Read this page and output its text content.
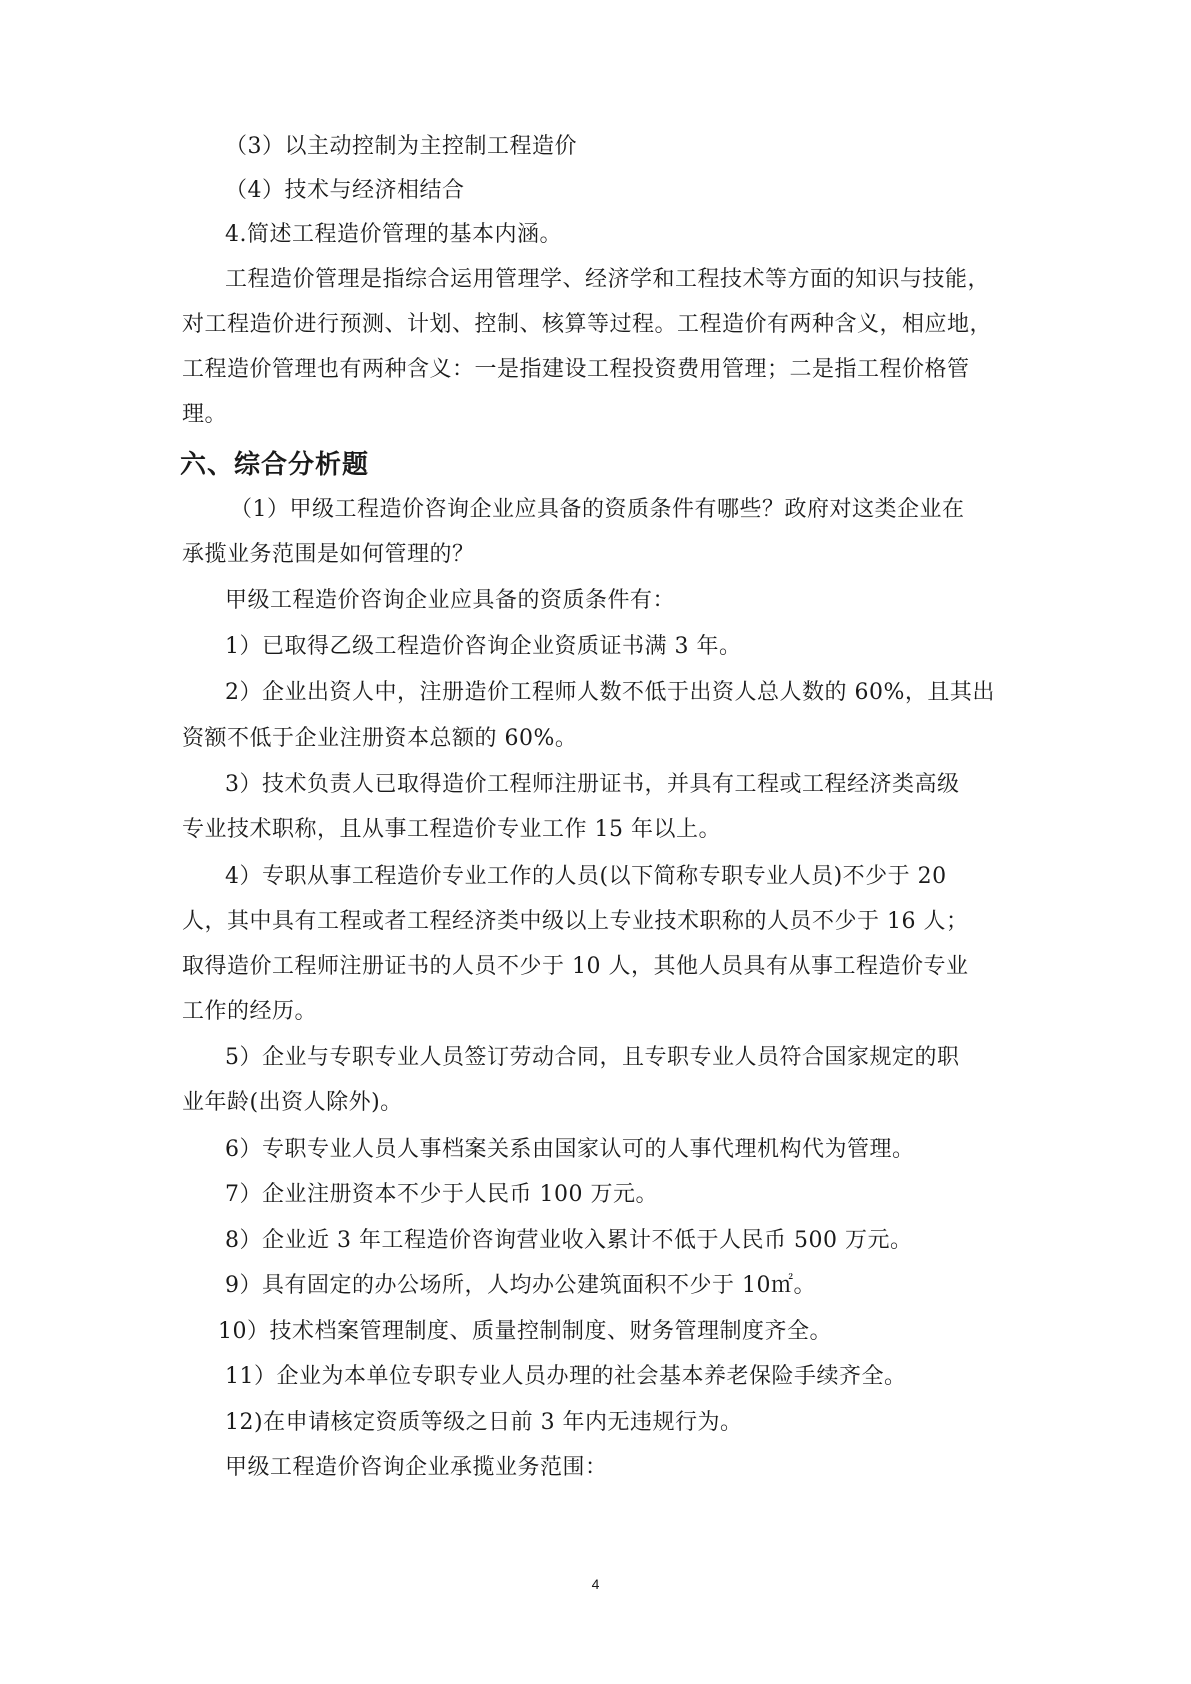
（3）以主动控制为主控制工程造价
（4）技术与经济相结合
4.简述工程造价管理的基本内涵。
工程造价管理是指综合运用管理学、经济学和工程技术等方面的知识与技能，
对工程造价进行预测、计划、控制、核算等过程。工程造价有两种含义，相应地，
工程造价管理也有两种含义：一是指建设工程投资费用管理；二是指工程价格管
理。
六、综合分析题
（1）甲级工程造价咨询企业应具备的资质条件有哪些？政府对这类企业在
承揽业务范围是如何管理的？
甲级工程造价咨询企业应具备的资质条件有：
1）已取得乙级工程造价咨询企业资质证书满 3 年。
2）企业出资人中，注册造价工程师人数不低于出资人总人数的 60%，且其出
资额不低于企业注册资本总额的 60%。
3）技术负责人已取得造价工程师注册证书，并具有工程或工程经济类高级
专业技术职称，且从事工程造价专业工作 15 年以上。
4）专职从事工程造价专业工作的人员(以下简称专职专业人员)不少于 20
人，其中具有工程或者工程经济类中级以上专业技术职称的人员不少于 16 人；
取得造价工程师注册证书的人员不少于 10 人，其他人员具有从事工程造价专业
工作的经历。
5）企业与专职专业人员签订劳动合同，且专职专业人员符合国家规定的职
业年龄(出资人除外)。
6）专职专业人员人事档案关系由国家认可的人事代理机构代为管理。
7）企业注册资本不少于人民币 100 万元。
8）企业近 3 年工程造价咨询营业收入累计不低于人民币 500 万元。
9）具有固定的办公场所，人均办公建筑面积不少于 10㎡。
10）技术档案管理制度、质量控制制度、财务管理制度齐全。
11）企业为本单位专职专业人员办理的社会基本养老保险手续齐全。
12)在申请核定资质等级之日前 3 年内无违规行为。
甲级工程造价咨询企业承揽业务范围：
4
